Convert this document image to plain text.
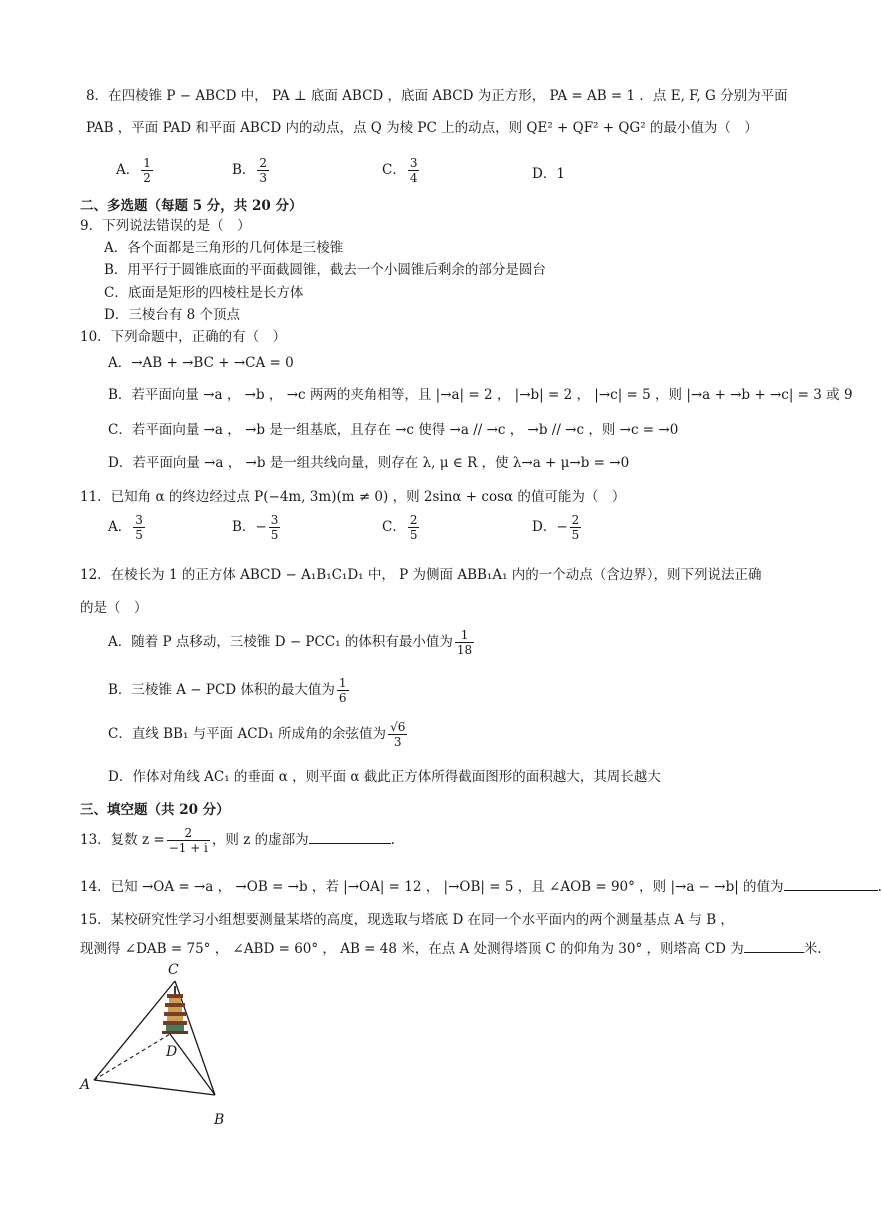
8．在四棱锥 P − ABCD 中， PA ⊥ 底面 ABCD ，底面 ABCD 为正方形， PA = AB = 1 ．点 E, F, G 分别为平面
PAB ，平面 PAD 和平面 ABCD 内的动点，点 Q 为棱 PC 上的动点，则 QE² + QF² + QG² 的最小值为（　）
A． $\frac{1}{2}$	B． $\frac{2}{3}$	C． $\frac{3}{4}$	D．1
二、多选题（每题 5 分，共 20 分）
9．下列说法错误的是（　）
A．各个面都是三角形的几何体是三棱锥
B．用平行于圆锥底面的平面截圆锥，截去一个小圆锥后剩余的部分是圆台
C．底面是矩形的四棱柱是长方体
D．三棱台有 8 个顶点
10．下列命题中，正确的有（　）
A．→AB + →BC + →CA = 0
B．若平面向量 →a ， →b ， →c 两两的夹角相等，且 |→a| = 2 ， |→b| = 2 ， |→c| = 5 ，则 |→a + →b + →c| = 3 或 9
C．若平面向量 →a ， →b 是一组基底，且存在 →c 使得 →a // →c ， →b // →c ，则 →c = →0
D．若平面向量 →a ， →b 是一组共线向量，则存在 λ, μ ∈ R ，使 λ→a + μ→b = →0
11．已知角 α 的终边经过点 P(−4m, 3m)(m ≠ 0) ，则 2sinα + cosα 的值可能为（　）
A． $\frac{3}{5}$	B．− $\frac{3}{5}$	C． $\frac{2}{5}$	D．− $\frac{2}{5}$
12．在棱长为 1 的正方体 ABCD − A₁B₁C₁D₁ 中， P 为侧面 ABB₁A₁ 内的一个动点（含边界），则下列说法正确
的是（　）
A．随着 P 点移动，三棱锥 D − PCC₁ 的体积有最小值为 $\frac{1}{18}$
B．三棱锥 A − PCD 体积的最大值为 $\frac{1}{6}$
C．直线 BB₁ 与平面 ACD₁ 所成角的余弦值为 $\frac{√6}{3}$
D．作体对角线 AC₁ 的垂面 α ，则平面 α 截此正方体所得截面图形的面积越大，其周长越大
三、填空题（共 20 分）
13．复数 $z = \frac{2}{-1 + i}$ ，则 z 的虚部为	.
14．已知 →OA = →a ， →OB = →b ，若 |→OA| = 12 ， |→OB| = 5 ，且 ∠AOB = 90° ，则 |→a − →b| 的值为	.
15．某校研究性学习小组想要测量某塔的高度，现选取与塔底 D 在同一个水平面内的两个测量基点 A 与 B ，
现测得 ∠DAB = 75° ， ∠ABD = 60° ， AB = 48 米，在点 A 处测得塔顶 C 的仰角为 30° ，则塔高 CD 为	米.
C
D
A
B
